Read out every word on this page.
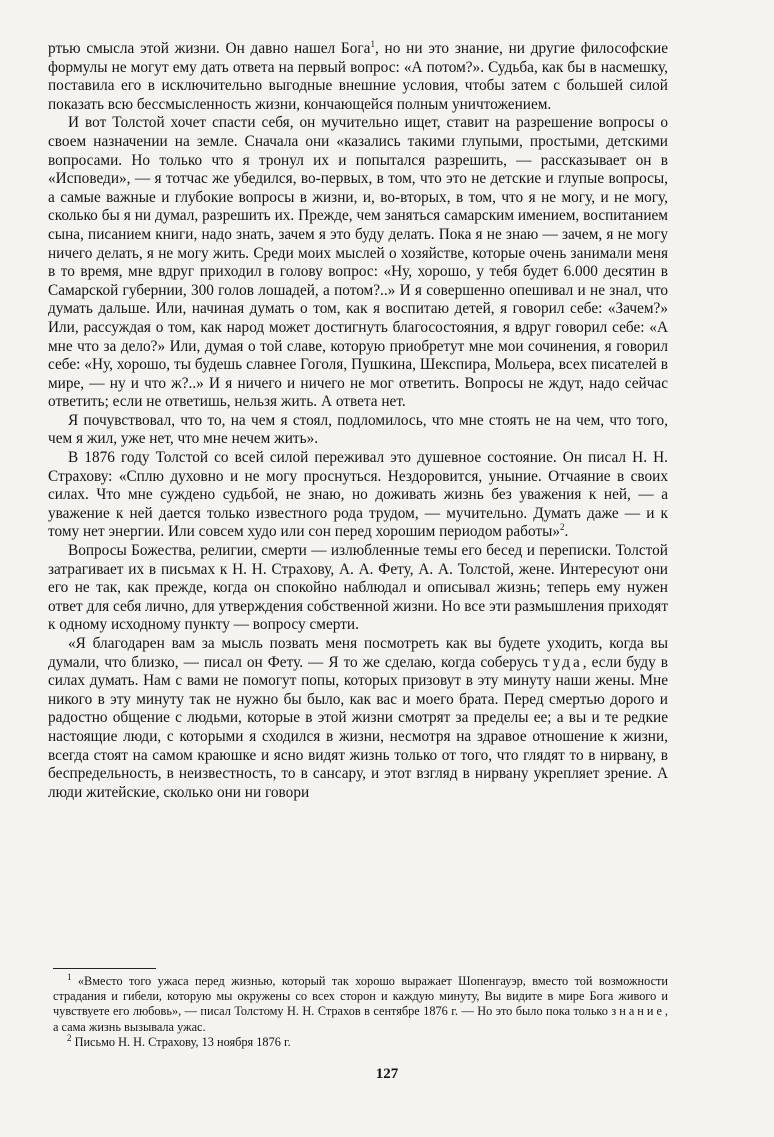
ртью смысла этой жизни. Он давно нашел Бога$^1$, но ни это знание, ни другие философские формулы не могут ему дать ответа на первый вопрос: «А потом?». Судьба, как бы в насмешку, поставила его в исключительно выгодные внешние условия, чтобы затем с большей силой показать всю бессмысленность жизни, кончающейся полным уничтожением.

И вот Толстой хочет спасти себя, он мучительно ищет, ставит на разрешение вопросы о своем назначении на земле. Сначала они «казались такими глупыми, простыми, детскими вопросами. Но только что я тронул их и попытался разрешить, — рассказывает он в «Исповеди», — я тотчас же убедился, во-первых, в том, что это не детские и глупые вопросы, а самые важные и глубокие вопросы в жизни, и, во-вторых, в том, что я не могу, и не могу, сколько бы я ни думал, разрешить их. Прежде, чем заняться самарским имением, воспитанием сына, писанием книги, надо знать, зачем я это буду делать. Пока я не знаю — зачем, я не могу ничего делать, я не могу жить. Среди моих мыслей о хозяйстве, которые очень занимали меня в то время, мне вдруг приходил в голову вопрос: «Ну, хорошо, у тебя будет 6.000 десятин в Самарской губернии, 300 голов лошадей, а потом?..» И я совершенно опешивал и не знал, что думать дальше. Или, начиная думать о том, как я воспитаю детей, я говорил себе: «Зачем?» Или, рассуждая о том, как народ может достигнуть благосостояния, я вдруг говорил себе: «А мне что за дело?» Или, думая о той славе, которую приобретут мне мои сочинения, я говорил себе: «Ну, хорошо, ты будешь славнее Гоголя, Пушкина, Шекспира, Мольера, всех писателей в мире, — ну и что ж?..» И я ничего и ничего не мог ответить. Вопросы не ждут, надо сейчас ответить; если не ответишь, нельзя жить. А ответа нет.

Я почувствовал, что то, на чем я стоял, подломилось, что мне стоять не на чем, что того, чем я жил, уже нет, что мне нечем жить».

В 1876 году Толстой со всей силой переживал это душевное состояние. Он писал Н. Н. Страхову: «Сплю духовно и не могу проснуться. Нездоровится, уныние. Отчаяние в своих силах. Что мне суждено судьбой, не знаю, но доживать жизнь без уважения к ней, — а уважение к ней дается только известного рода трудом, — мучительно. Думать даже — и к тому нет энергии. Или совсем худо или сон перед хорошим периодом работы»$^2$.

Вопросы Божества, религии, смерти — излюбленные темы его бесед и переписки. Толстой затрагивает их в письмах к Н. Н. Страхову, А. А. Фету, А. А. Толстой, жене. Интересуют они его не так, как прежде, когда он спокойно наблюдал и описывал жизнь; теперь ему нужен ответ для себя лично, для утверждения собственной жизни. Но все эти размышления приходят к одному исходному пункту — вопросу смерти.

«Я благодарен вам за мысль позвать меня посмотреть как вы будете уходить, когда вы думали, что близко, — писал он Фету. — Я то же сделаю, когда соберусь туда, если буду в силах думать. Нам с вами не помогут попы, которых призовут в эту минуту наши жены. Мне никого в эту минуту так не нужно бы было, как вас и моего брата. Перед смертью дорого и радостно общение с людьми, которые в этой жизни смотрят за пределы ее; а вы и те редкие настоящие люди, с которыми я сходился в жизни, несмотря на здравое отношение к жизни, всегда стоят на самом краюшке и ясно видят жизнь только от того, что глядят то в нирвану, в беспредельность, в неизвестность, то в сансару, и этот взгляд в нирвану укрепляет зрение. А люди житейские, сколько они ни говори

$^1$ «Вместо того ужаса перед жизнью, который так хорошо выражает Шопенгауэр, вместо той возможности страдания и гибели, которую мы окружены со всех сторон и каждую минуту, Вы видите в мире Бога живого и чувствуете его любовь», — писал Толстому Н. Н. Страхов в сентябре 1876 г. — Но это было пока только знание, а сама жизнь вызывала ужас.

$^2$ Письмо Н. Н. Страхову, 13 ноября 1876 г.

127
